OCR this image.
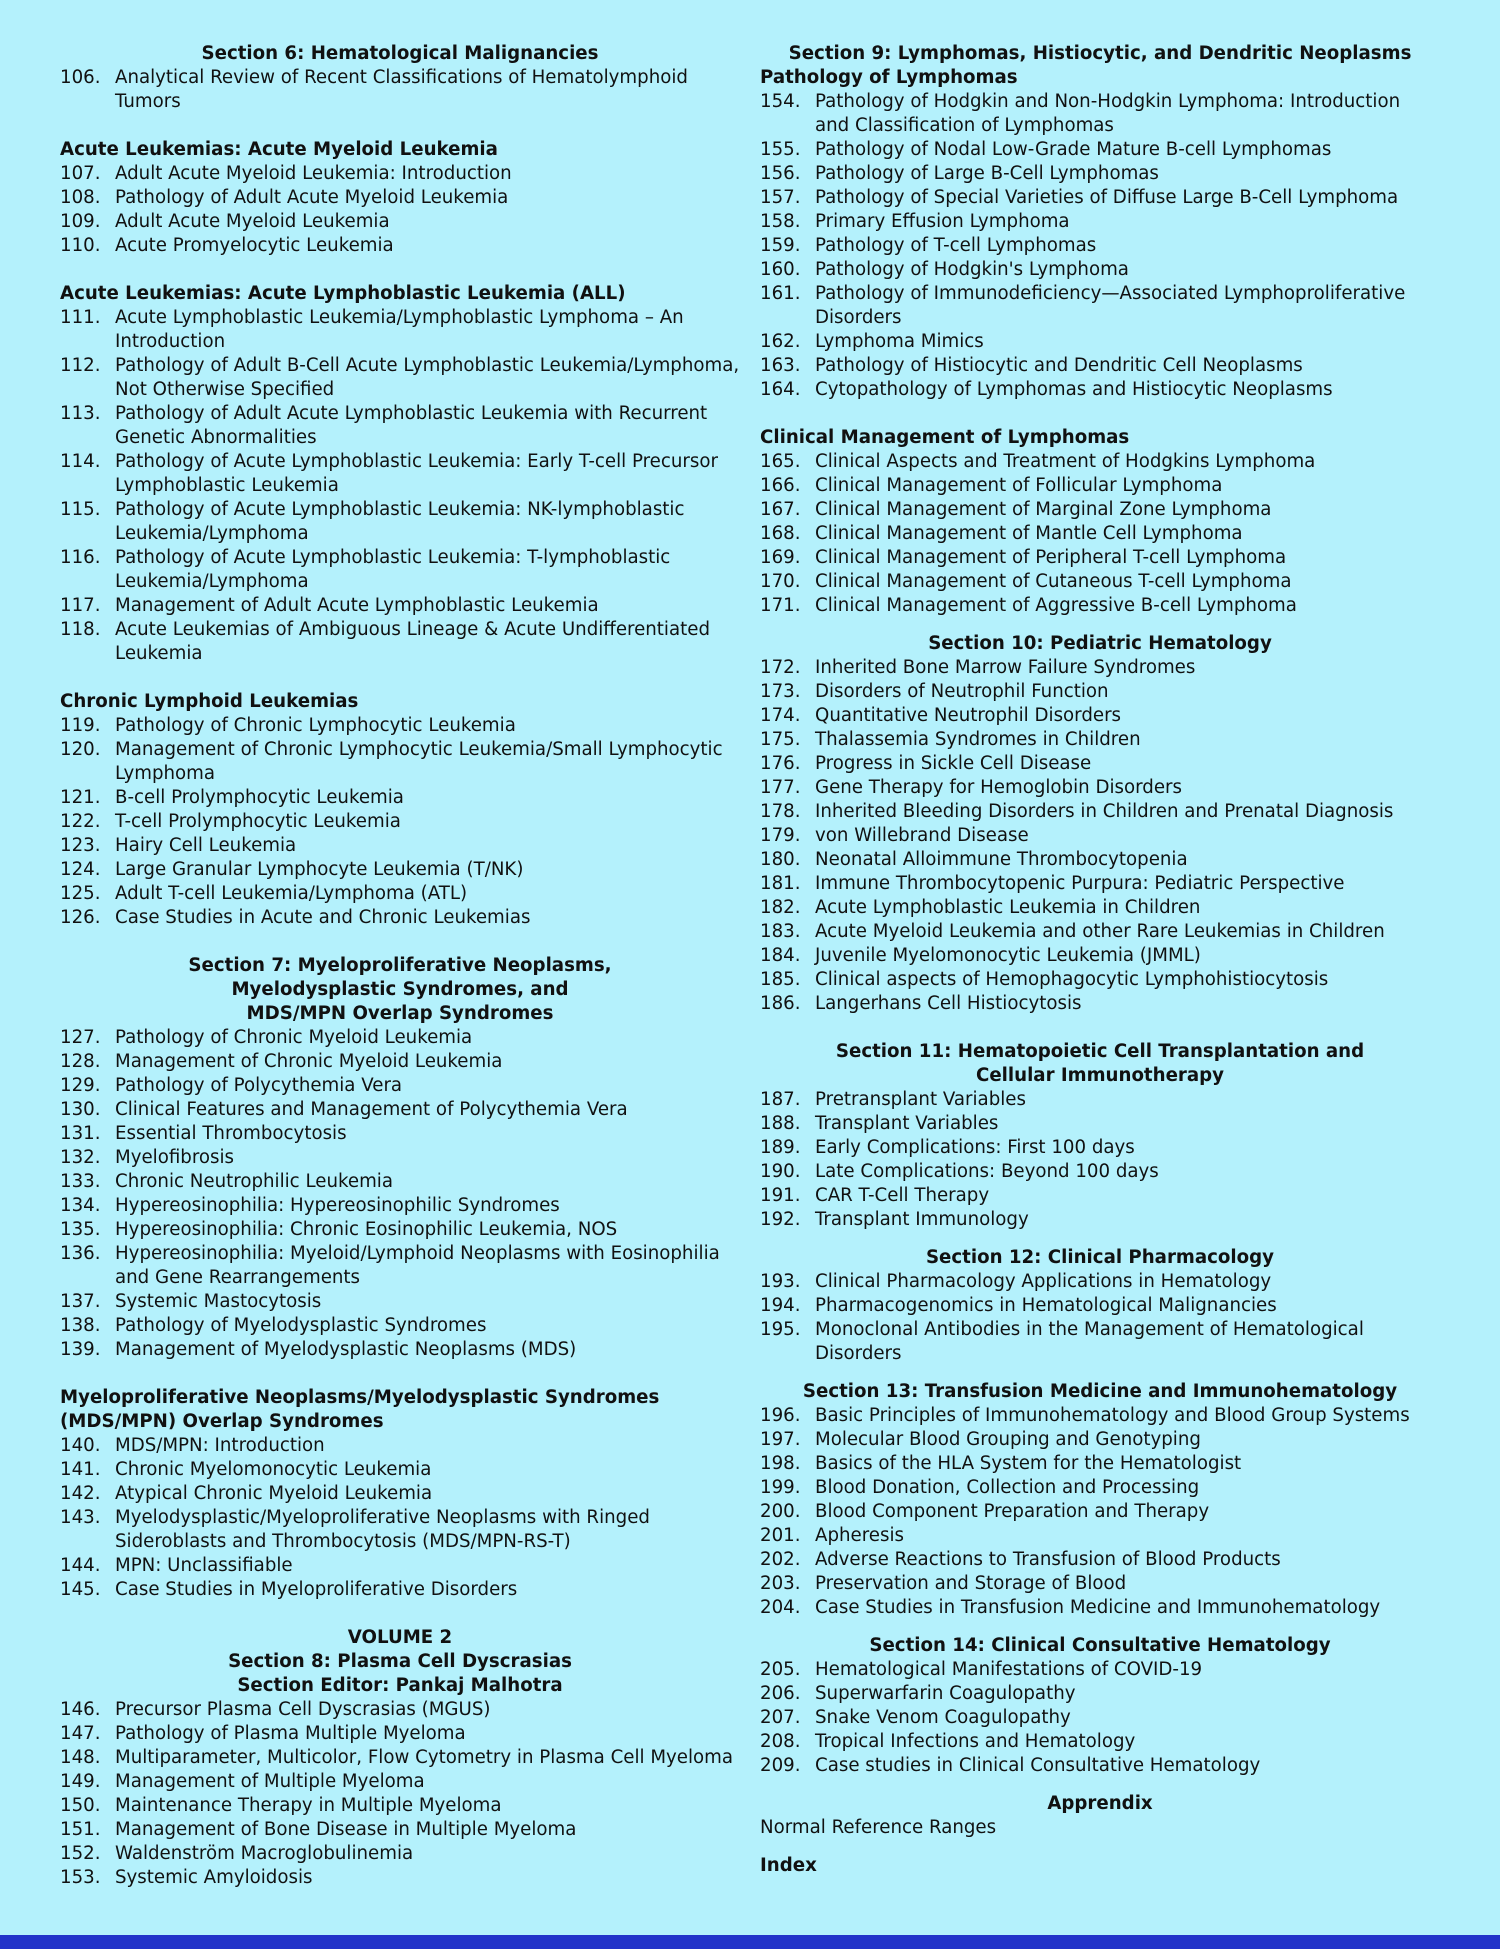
Section 6: Hematological Malignancies
106. Analytical Review of Recent Classifications of Hematolymphoid Tumors
Acute Leukemias: Acute Myeloid Leukemia
107. Adult Acute Myeloid Leukemia: Introduction
108. Pathology of Adult Acute Myeloid Leukemia
109. Adult Acute Myeloid Leukemia
110. Acute Promyelocytic Leukemia
Acute Leukemias: Acute Lymphoblastic Leukemia (ALL)
111. Acute Lymphoblastic Leukemia/Lymphoblastic Lymphoma – An Introduction
112. Pathology of Adult B-Cell Acute Lymphoblastic Leukemia/Lymphoma, Not Otherwise Specified
113. Pathology of Adult Acute Lymphoblastic Leukemia with Recurrent Genetic Abnormalities
114. Pathology of Acute Lymphoblastic Leukemia: Early T-cell Precursor Lymphoblastic Leukemia
115. Pathology of Acute Lymphoblastic Leukemia: NK-lymphoblastic Leukemia/Lymphoma
116. Pathology of Acute Lymphoblastic Leukemia: T-lymphoblastic Leukemia/Lymphoma
117. Management of Adult Acute Lymphoblastic Leukemia
118. Acute Leukemias of Ambiguous Lineage & Acute Undifferentiated Leukemia
Chronic Lymphoid Leukemias
119. Pathology of Chronic Lymphocytic Leukemia
120. Management of Chronic Lymphocytic Leukemia/Small Lymphocytic Lymphoma
121. B-cell Prolymphocytic Leukemia
122. T-cell Prolymphocytic Leukemia
123. Hairy Cell Leukemia
124. Large Granular Lymphocyte Leukemia (T/NK)
125. Adult T-cell Leukemia/Lymphoma (ATL)
126. Case Studies in Acute and Chronic Leukemias
Section 7: Myeloproliferative Neoplasms,
Myelodysplastic Syndromes, and
MDS/MPN Overlap Syndromes
127. Pathology of Chronic Myeloid Leukemia
128. Management of Chronic Myeloid Leukemia
129. Pathology of Polycythemia Vera
130. Clinical Features and Management of Polycythemia Vera
131. Essential Thrombocytosis
132. Myelofibrosis
133. Chronic Neutrophilic Leukemia
134. Hypereosinophilia: Hypereosinophilic Syndromes
135. Hypereosinophilia: Chronic Eosinophilic Leukemia, NOS
136. Hypereosinophilia: Myeloid/Lymphoid Neoplasms with Eosinophilia and Gene Rearrangements
137. Systemic Mastocytosis
138. Pathology of Myelodysplastic Syndromes
139. Management of Myelodysplastic Neoplasms (MDS)
Myeloproliferative Neoplasms/Myelodysplastic Syndromes
(MDS/MPN) Overlap Syndromes
140. MDS/MPN: Introduction
141. Chronic Myelomonocytic Leukemia
142. Atypical Chronic Myeloid Leukemia
143. Myelodysplastic/Myeloproliferative Neoplasms with Ringed Sideroblasts and Thrombocytosis (MDS/MPN-RS-T)
144. MPN: Unclassifiable
145. Case Studies in Myeloproliferative Disorders
VOLUME 2
Section 8: Plasma Cell Dyscrasias
Section Editor: Pankaj Malhotra
146. Precursor Plasma Cell Dyscrasias (MGUS)
147. Pathology of Plasma Multiple Myeloma
148. Multiparameter, Multicolor, Flow Cytometry in Plasma Cell Myeloma
149. Management of Multiple Myeloma
150. Maintenance Therapy in Multiple Myeloma
151. Management of Bone Disease in Multiple Myeloma
152. Waldenström Macroglobulinemia
153. Systemic Amyloidosis
Section 9: Lymphomas, Histiocytic, and Dendritic Neoplasms
Pathology of Lymphomas
154. Pathology of Hodgkin and Non-Hodgkin Lymphoma: Introduction and Classification of Lymphomas
155. Pathology of Nodal Low-Grade Mature B-cell Lymphomas
156. Pathology of Large B-Cell Lymphomas
157. Pathology of Special Varieties of Diffuse Large B-Cell Lymphoma
158. Primary Effusion Lymphoma
159. Pathology of T-cell Lymphomas
160. Pathology of Hodgkin's Lymphoma
161. Pathology of Immunodeficiency—Associated Lymphoproliferative Disorders
162. Lymphoma Mimics
163. Pathology of Histiocytic and Dendritic Cell Neoplasms
164. Cytopathology of Lymphomas and Histiocytic Neoplasms
Clinical Management of Lymphomas
165. Clinical Aspects and Treatment of Hodgkins Lymphoma
166. Clinical Management of Follicular Lymphoma
167. Clinical Management of Marginal Zone Lymphoma
168. Clinical Management of Mantle Cell Lymphoma
169. Clinical Management of Peripheral T-cell Lymphoma
170. Clinical Management of Cutaneous T-cell Lymphoma
171. Clinical Management of Aggressive B-cell Lymphoma
Section 10: Pediatric Hematology
172. Inherited Bone Marrow Failure Syndromes
173. Disorders of Neutrophil Function
174. Quantitative Neutrophil Disorders
175. Thalassemia Syndromes in Children
176. Progress in Sickle Cell Disease
177. Gene Therapy for Hemoglobin Disorders
178. Inherited Bleeding Disorders in Children and Prenatal Diagnosis
179. von Willebrand Disease
180. Neonatal Alloimmune Thrombocytopenia
181. Immune Thrombocytopenic Purpura: Pediatric Perspective
182. Acute Lymphoblastic Leukemia in Children
183. Acute Myeloid Leukemia and other Rare Leukemias in Children
184. Juvenile Myelomonocytic Leukemia (JMML)
185. Clinical aspects of Hemophagocytic Lymphohistiocytosis
186. Langerhans Cell Histiocytosis
Section 11: Hematopoietic Cell Transplantation and
Cellular Immunotherapy
187. Pretransplant Variables
188. Transplant Variables
189. Early Complications: First 100 days
190. Late Complications: Beyond 100 days
191. CAR T-Cell Therapy
192. Transplant Immunology
Section 12: Clinical Pharmacology
193. Clinical Pharmacology Applications in Hematology
194. Pharmacogenomics in Hematological Malignancies
195. Monoclonal Antibodies in the Management of Hematological Disorders
Section 13: Transfusion Medicine and Immunohematology
196. Basic Principles of Immunohematology and Blood Group Systems
197. Molecular Blood Grouping and Genotyping
198. Basics of the HLA System for the Hematologist
199. Blood Donation, Collection and Processing
200. Blood Component Preparation and Therapy
201. Apheresis
202. Adverse Reactions to Transfusion of Blood Products
203. Preservation and Storage of Blood
204. Case Studies in Transfusion Medicine and Immunohematology
Section 14: Clinical Consultative Hematology
205. Hematological Manifestations of COVID-19
206. Superwarfarin Coagulopathy
207. Snake Venom Coagulopathy
208. Tropical Infections and Hematology
209. Case studies in Clinical Consultative Hematology
Apprendix
Normal Reference Ranges
Index
